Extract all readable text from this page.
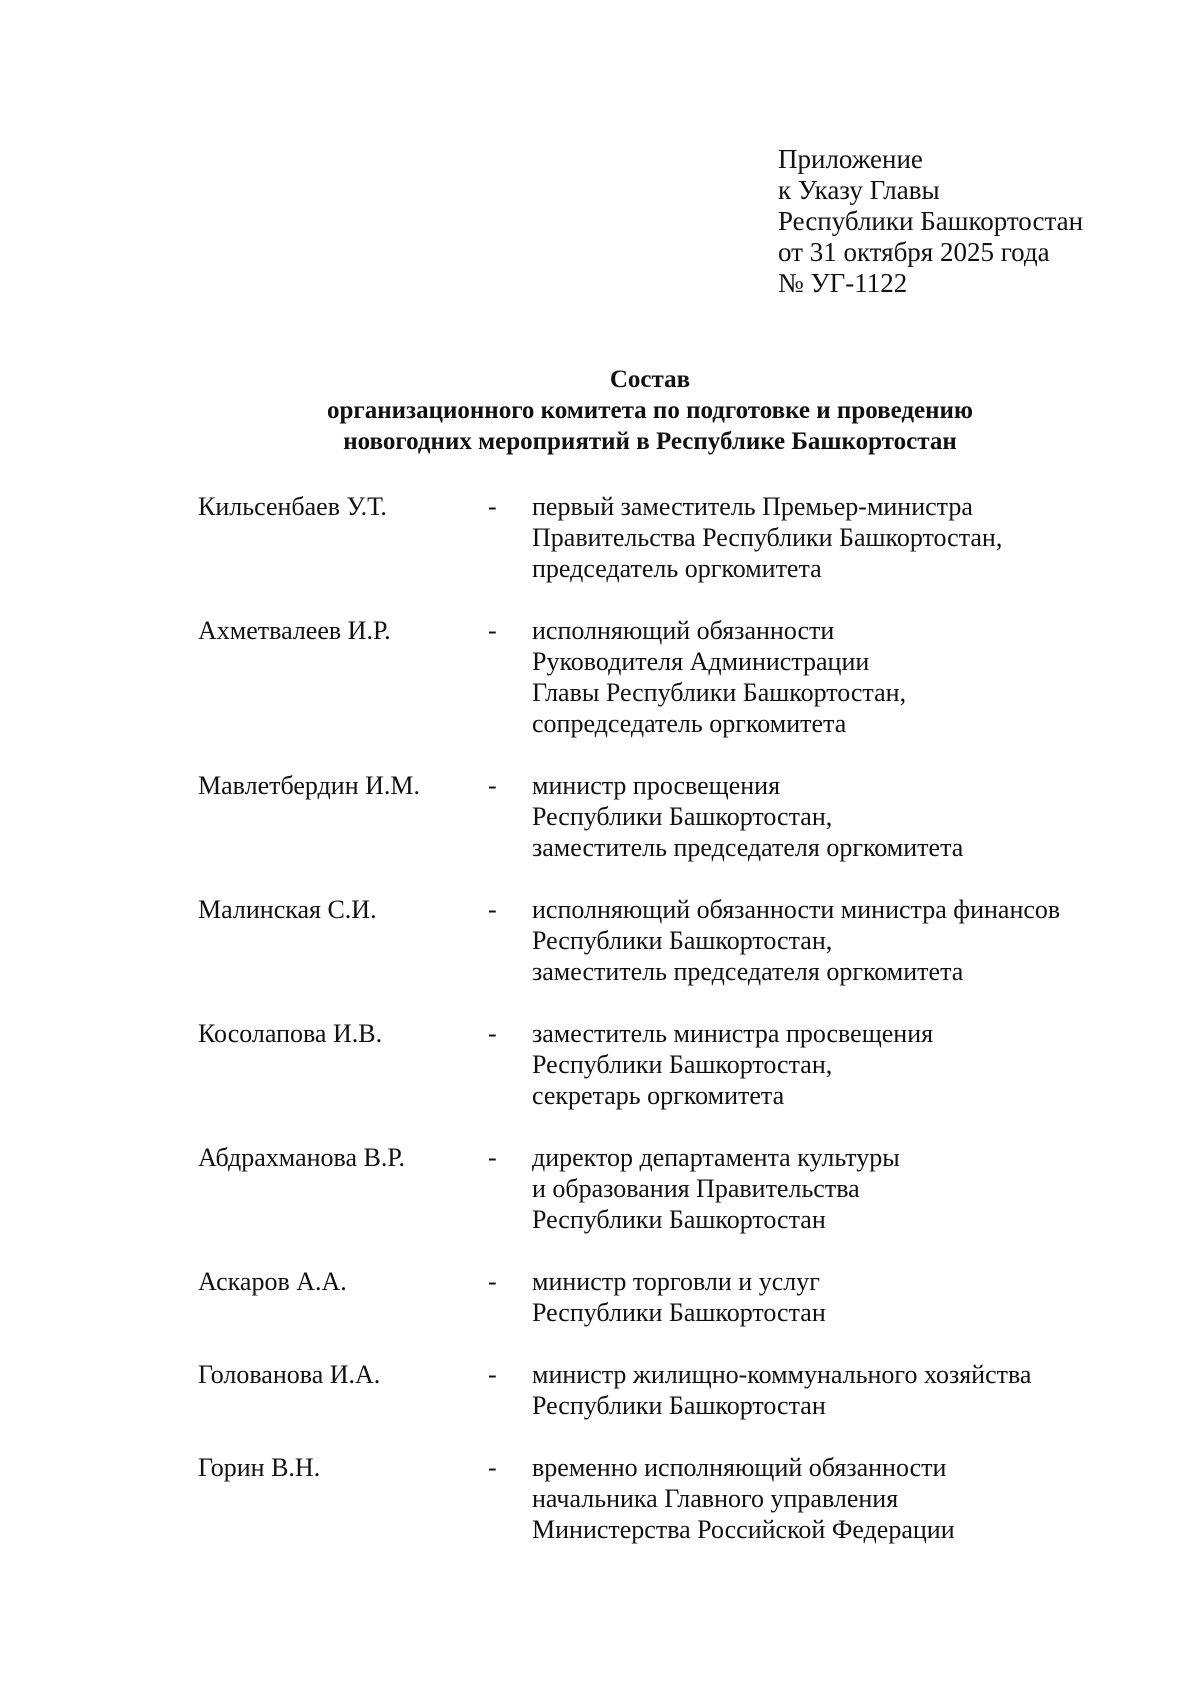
Приложение
к Указу Главы
Республики Башкортостан
от 31 октября 2025 года
№ УГ-1122
Состав
организационного комитета по подготовке и проведению
новогодних мероприятий в Республике Башкортостан
Кильсенбаев У.Т.	-	первый заместитель Премьер-министра
Правительства Республики Башкортостан,
председатель оргкомитета
Ахметвалеев И.Р.	-	исполняющий обязанности
Руководителя Администрации
Главы Республики Башкортостан,
сопредседатель оргкомитета
Мавлетбердин И.М.	-	министр просвещения
Республики Башкортостан,
заместитель председателя оргкомитета
Малинская С.И.	-	исполняющий обязанности министра финансов
Республики Башкортостан,
заместитель председателя оргкомитета
Косолапова И.В.	-	заместитель министра просвещения
Республики Башкортостан,
секретарь оргкомитета
Абдрахманова В.Р.	-	директор департамента культуры
и образования Правительства
Республики Башкортостан
Аскаров А.А.	-	министр торговли и услуг
Республики Башкортостан
Голованова И.А.	-	министр жилищно-коммунального хозяйства
Республики Башкортостан
Горин В.Н.	-	временно исполняющий обязанности
начальника Главного управления
Министерства Российской Федерации
